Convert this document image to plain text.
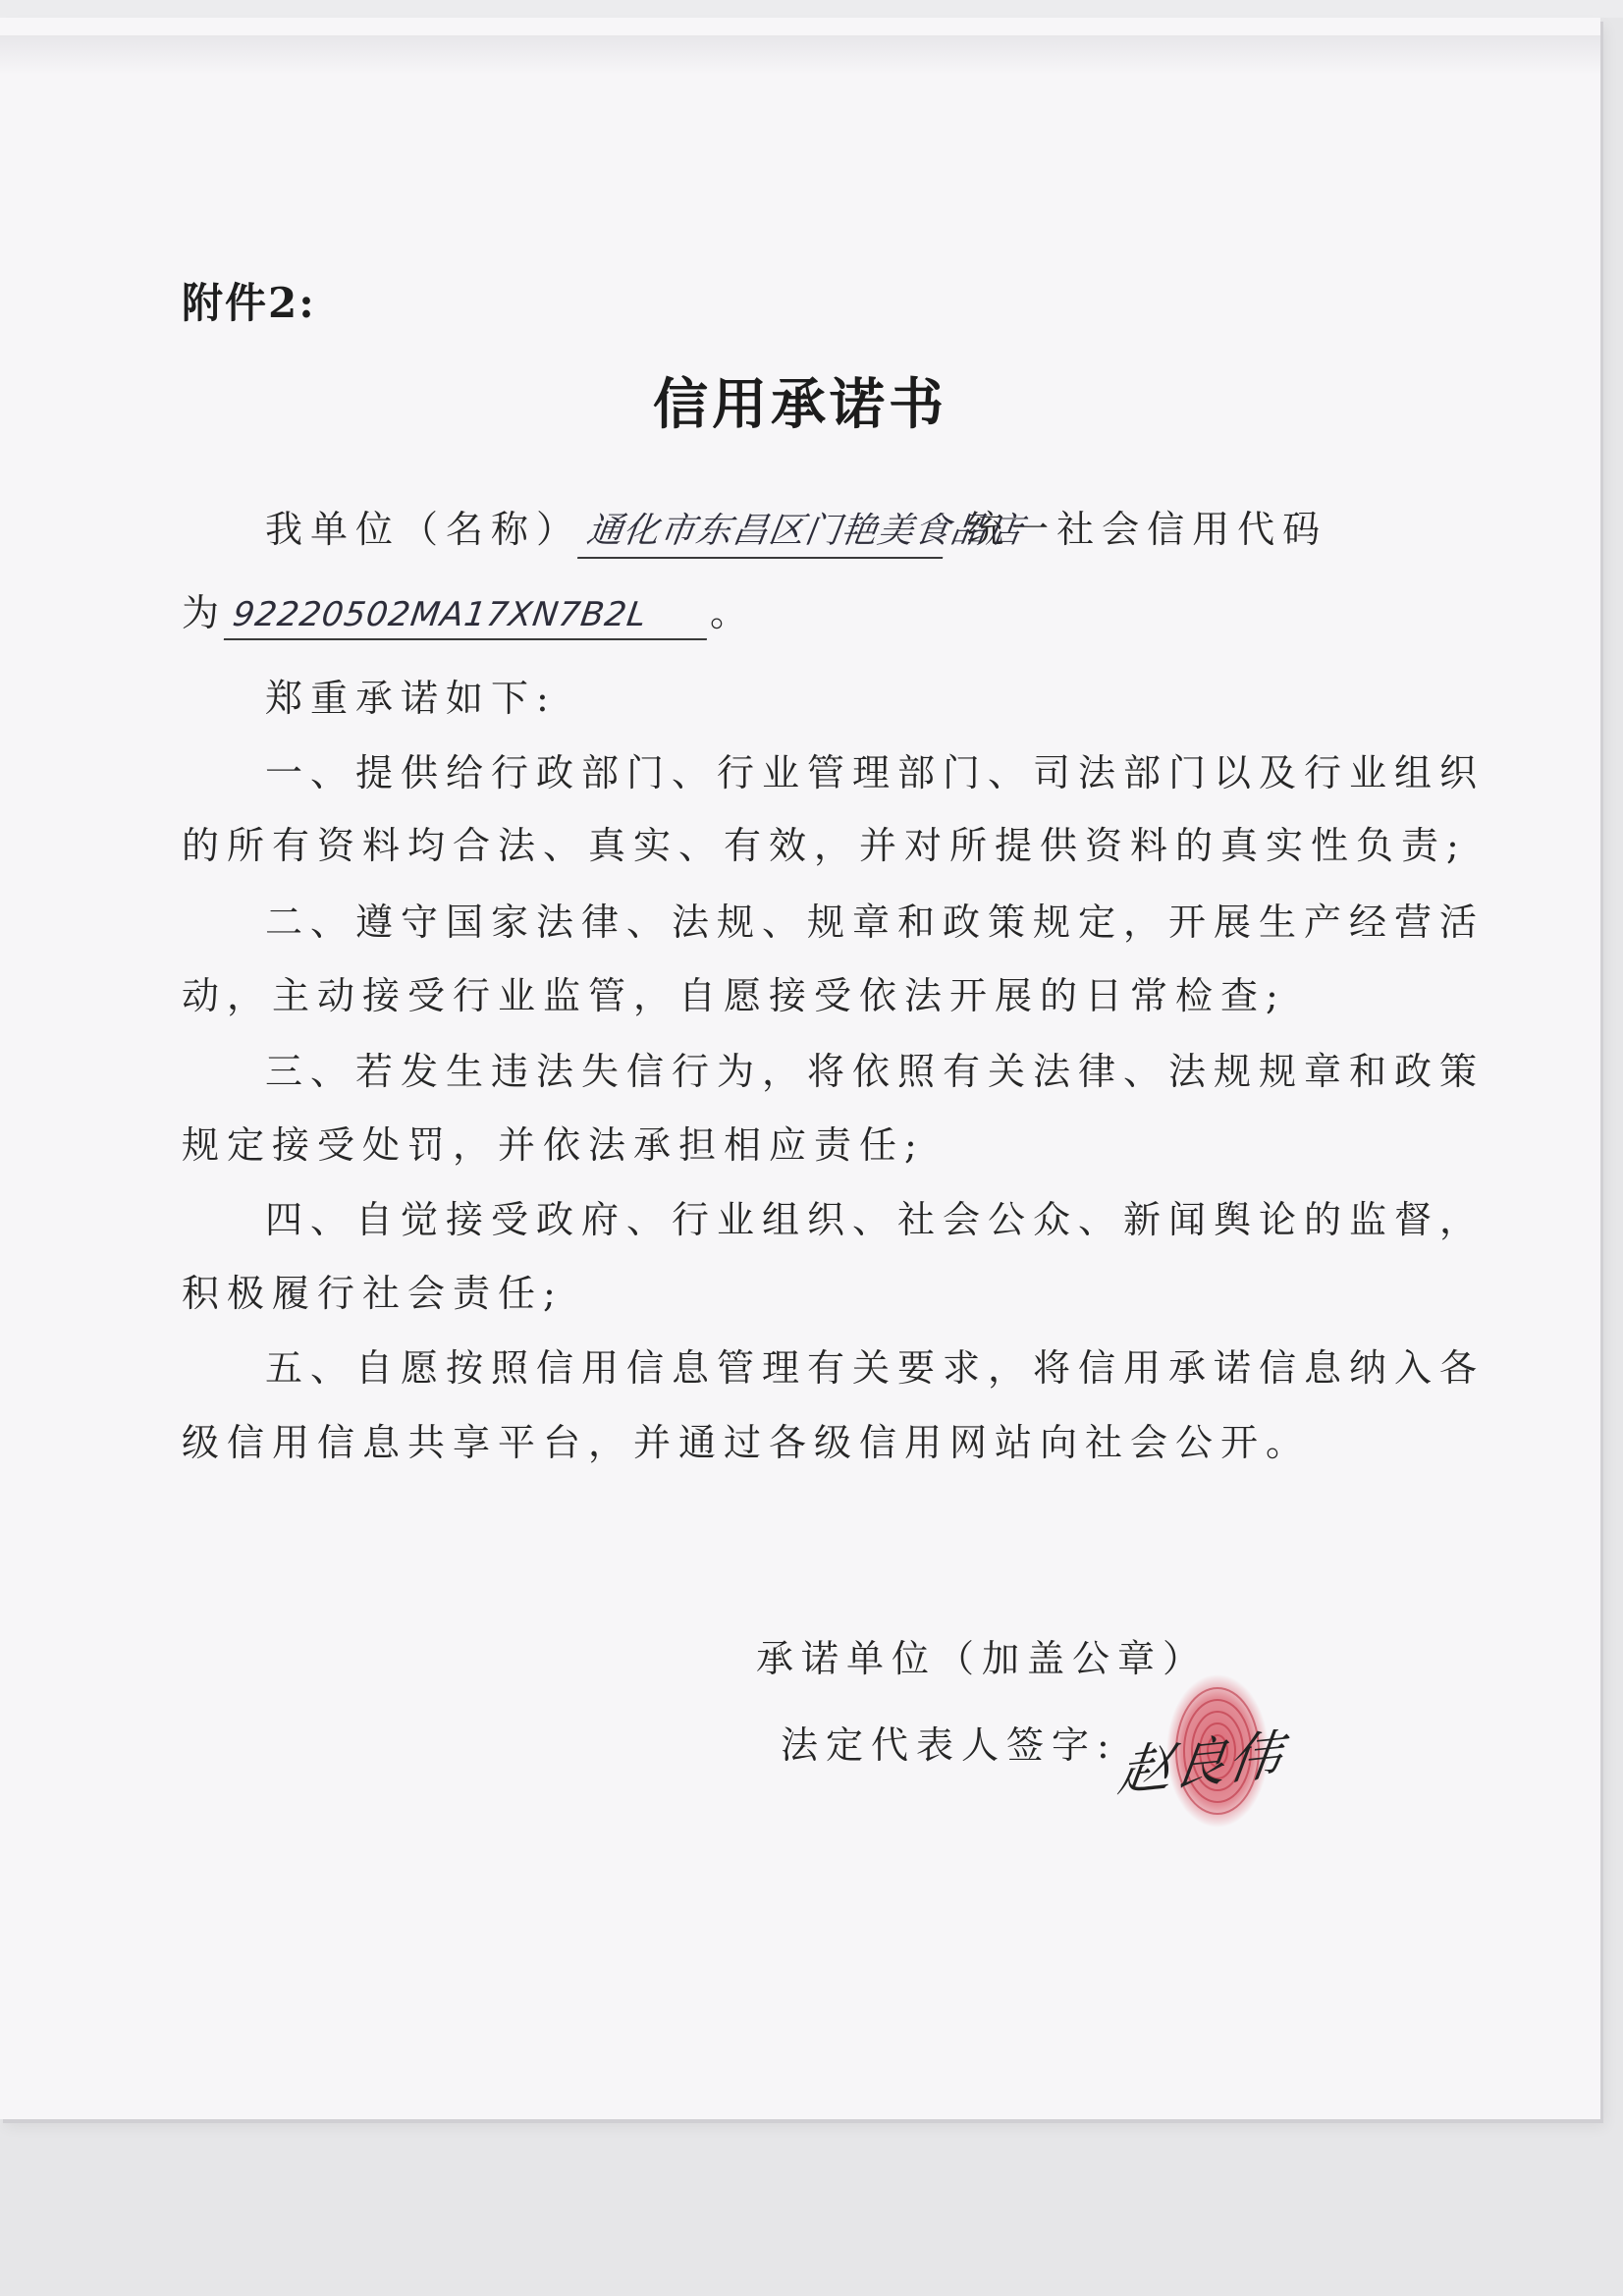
附件2:
信用承诺书
我单位（名称）通化市东昌区门艳美食品店 统一社会信用代码
为 92220502MA17XN7B2L 。
郑重承诺如下:
一、提供给行政部门、行业管理部门、司法部门以及行业组织
的所有资料均合法、真实、有效，并对所提供资料的真实性负责;
二、遵守国家法律、法规、规章和政策规定，开展生产经营活
动，主动接受行业监管，自愿接受依法开展的日常检查;
三、若发生违法失信行为，将依照有关法律、法规规章和政策
规定接受处罚，并依法承担相应责任;
四、自觉接受政府、行业组织、社会公众、新闻舆论的监督，
积极履行社会责任;
五、自愿按照信用信息管理有关要求，将信用承诺信息纳入各
级信用信息共享平台，并通过各级信用网站向社会公开。
承诺单位（加盖公章）
法定代表人签字:
赵良伟
